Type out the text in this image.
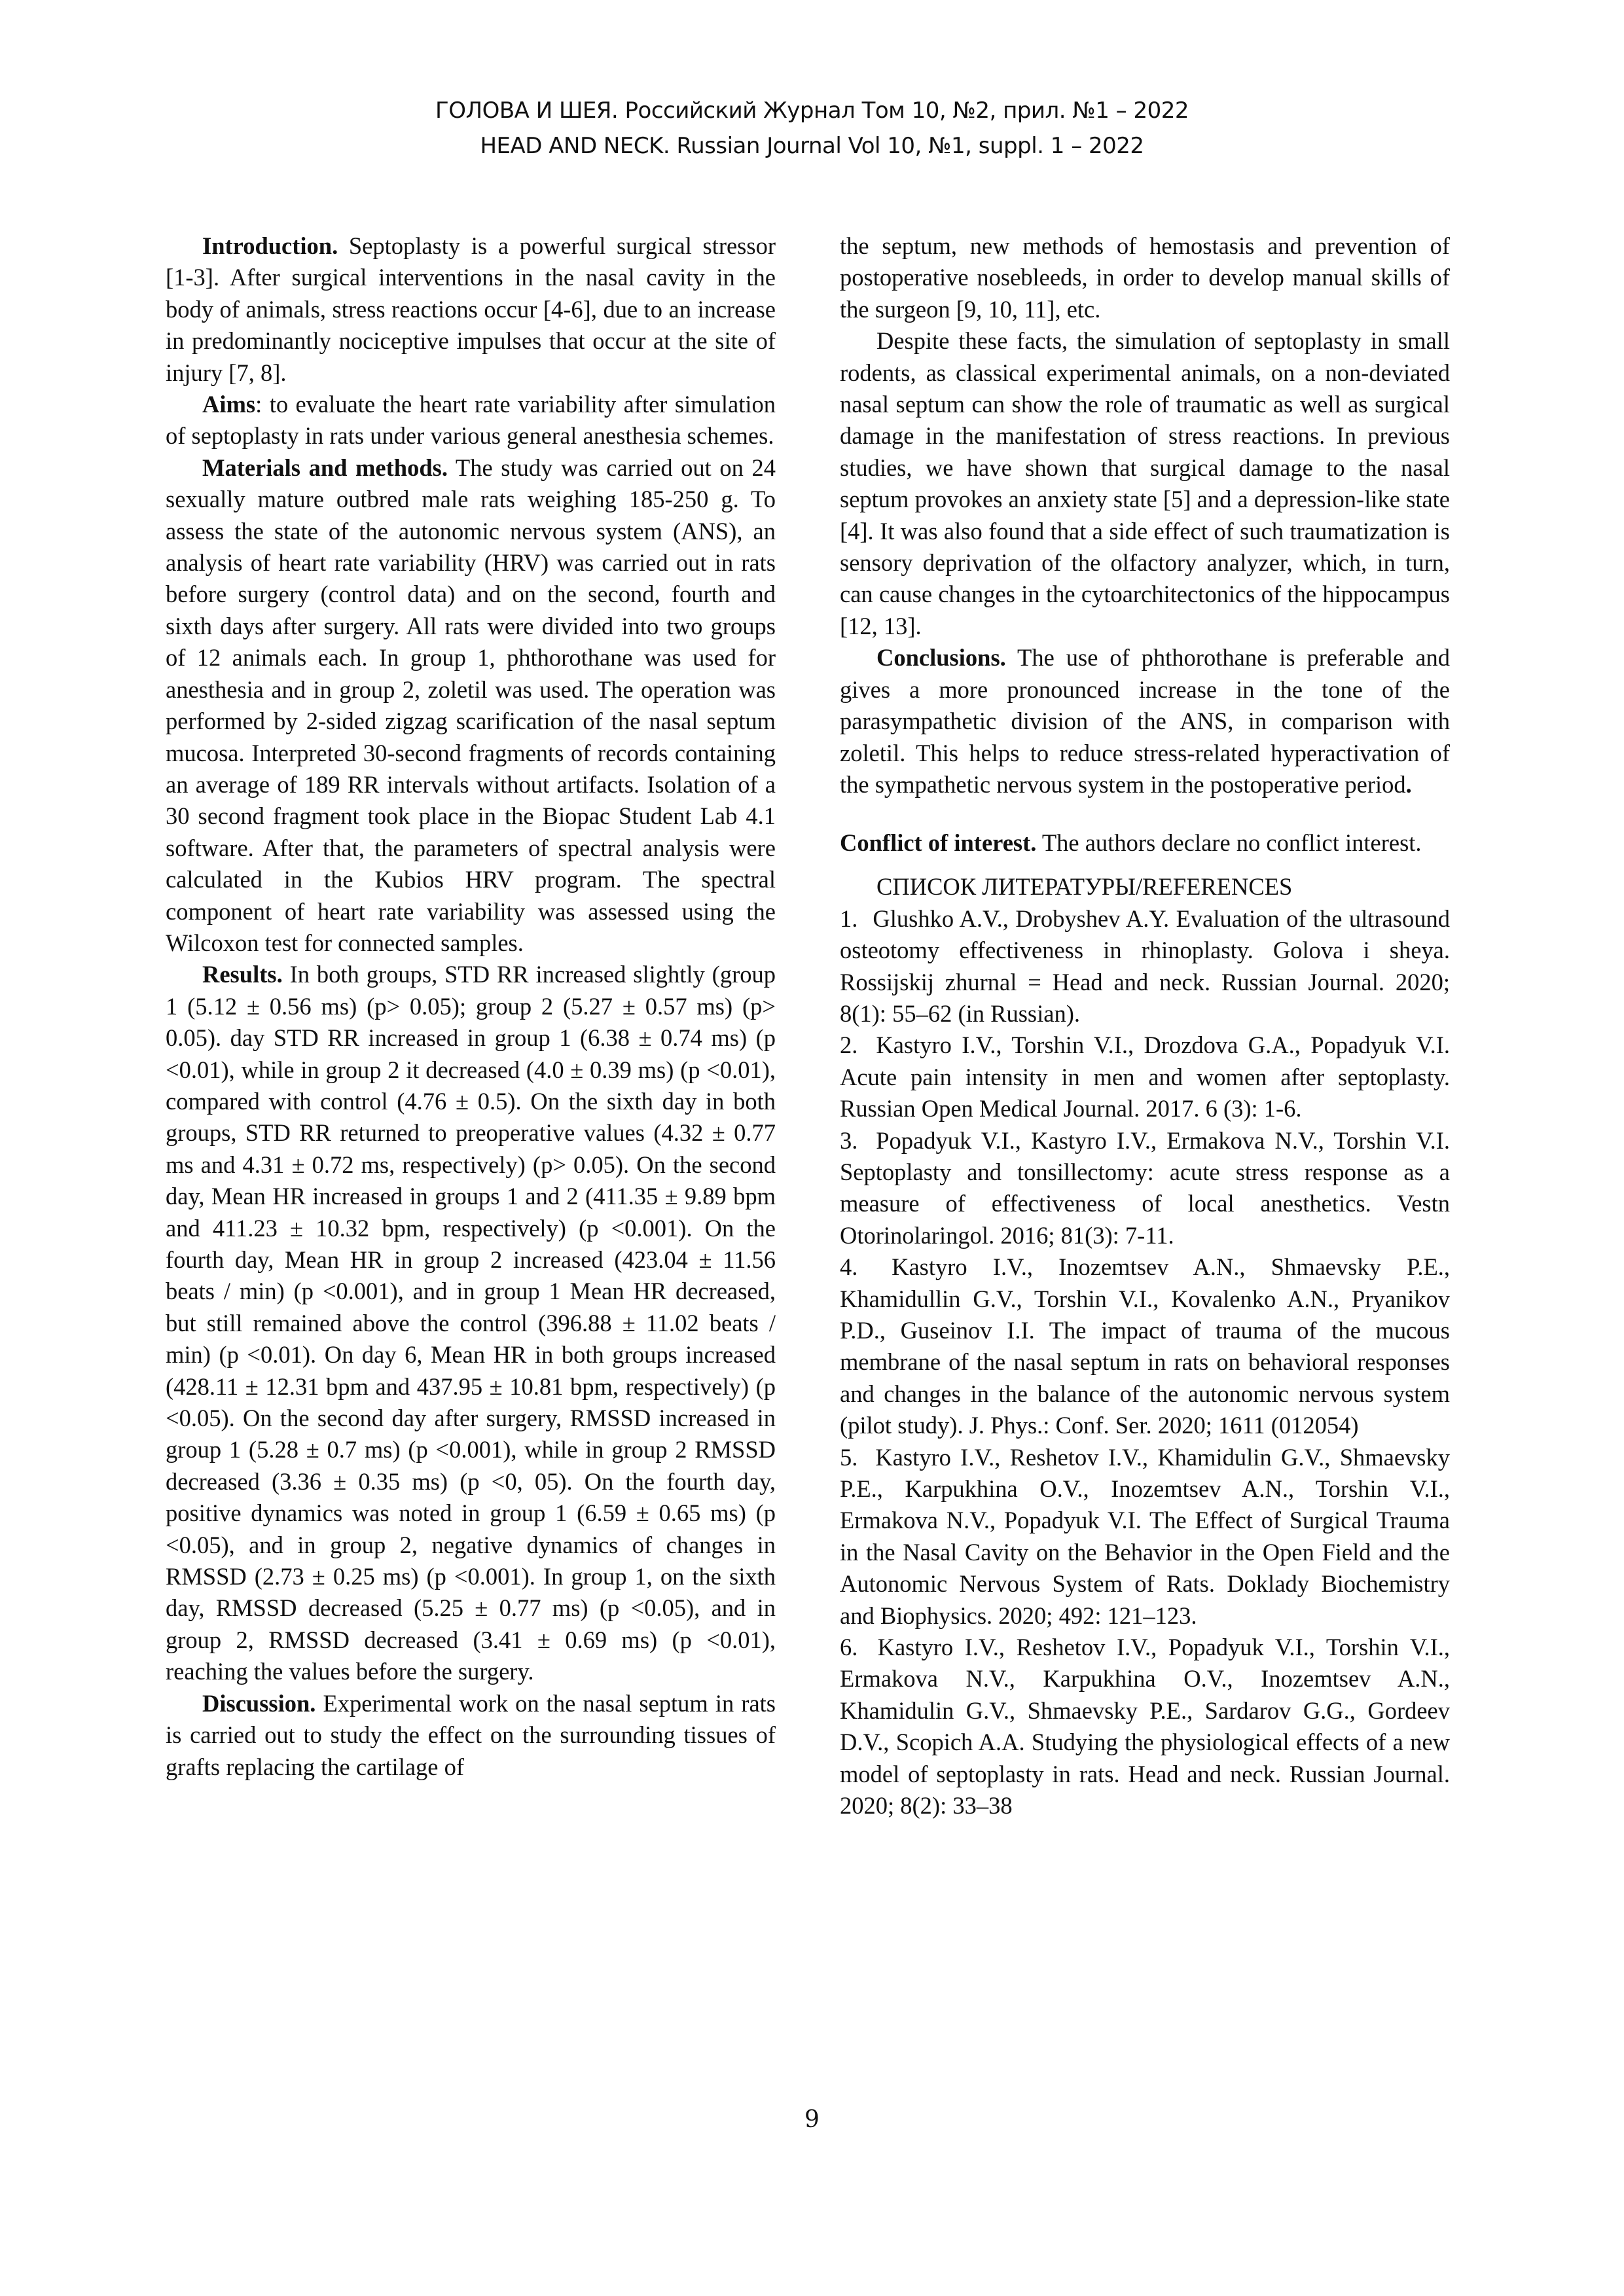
ГОЛОВА И ШЕЯ. Российский Журнал Том 10, №2, прил. №1 – 2022
HEAD AND NECK. Russian Journal Vol 10, №1, suppl. 1 – 2022

Introduction. Septoplasty is a powerful surgical stressor [1-3]. After surgical interventions in the nasal cavity in the body of animals, stress reactions occur [4-6], due to an increase in predominantly nociceptive impulses that occur at the site of injury [7, 8].

Aims: to evaluate the heart rate variability after simulation of septoplasty in rats under various general anesthesia schemes.

Materials and methods. The study was carried out on 24 sexually mature outbred male rats weighing 185-250 g. To assess the state of the autonomic nervous system (ANS), an analysis of heart rate variability (HRV) was carried out in rats before surgery (control data) and on the second, fourth and sixth days after surgery. All rats were divided into two groups of 12 animals each. In group 1, phthorothane was used for anesthesia and in group 2, zoletil was used. The operation was performed by 2-sided zigzag scarification of the nasal septum mucosa. Interpreted 30-second fragments of records containing an average of 189 RR intervals without artifacts. Isolation of a 30 second fragment took place in the Biopac Student Lab 4.1 software. After that, the parameters of spectral analysis were calculated in the Kubios HRV program. The spectral component of heart rate variability was assessed using the Wilcoxon test for connected samples.

Results. In both groups, STD RR increased slightly (group 1 (5.12 ± 0.56 ms) (p> 0.05); group 2 (5.27 ± 0.57 ms) (p> 0.05). day STD RR increased in group 1 (6.38 ± 0.74 ms) (p <0.01), while in group 2 it decreased (4.0 ± 0.39 ms) (p <0.01), compared with control (4.76 ± 0.5). On the sixth day in both groups, STD RR returned to preoperative values (4.32 ± 0.77 ms and 4.31 ± 0.72 ms, respectively) (p> 0.05). On the second day, Mean HR increased in groups 1 and 2 (411.35 ± 9.89 bpm and 411.23 ± 10.32 bpm, respectively) (p <0.001). On the fourth day, Mean HR in group 2 increased (423.04 ± 11.56 beats / min) (p <0.001), and in group 1 Mean HR decreased, but still remained above the control (396.88 ± 11.02 beats / min) (p <0.01). On day 6, Mean HR in both groups increased (428.11 ± 12.31 bpm and 437.95 ± 10.81 bpm, respectively) (p <0.05). On the second day after surgery, RMSSD increased in group 1 (5.28 ± 0.7 ms) (p <0.001), while in group 2 RMSSD decreased (3.36 ± 0.35 ms) (p <0, 05). On the fourth day, positive dynamics was noted in group 1 (6.59 ± 0.65 ms) (p <0.05), and in group 2, negative dynamics of changes in RMSSD (2.73 ± 0.25 ms) (p <0.001). In group 1, on the sixth day, RMSSD decreased (5.25 ± 0.77 ms) (p <0.05), and in group 2, RMSSD decreased (3.41 ± 0.69 ms) (p <0.01), reaching the values before the surgery.

Discussion. Experimental work on the nasal septum in rats is carried out to study the effect on the surrounding tissues of grafts replacing the cartilage of

the septum, new methods of hemostasis and prevention of postoperative nosebleeds, in order to develop manual skills of the surgeon [9, 10, 11], etc.

Despite these facts, the simulation of septoplasty in small rodents, as classical experimental animals, on a non-deviated nasal septum can show the role of traumatic as well as surgical damage in the manifestation of stress reactions. In previous studies, we have shown that surgical damage to the nasal septum provokes an anxiety state [5] and a depression-like state [4]. It was also found that a side effect of such traumatization is sensory deprivation of the olfactory analyzer, which, in turn, can cause changes in the cytoarchitectonics of the hippocampus [12, 13].

Conclusions. The use of phthorothane is preferable and gives a more pronounced increase in the tone of the parasympathetic division of the ANS, in comparison with zoletil. This helps to reduce stress-related hyperactivation of the sympathetic nervous system in the postoperative period.

Conflict of interest. The authors declare no conflict interest.

СПИСОК ЛИТЕРАТУРЫ/REFERENCES

1. Glushko A.V., Drobyshev A.Y. Evaluation of the ultrasound osteotomy effectiveness in rhinoplasty. Golova i sheya. Rossijskij zhurnal = Head and neck. Russian Journal. 2020; 8(1): 55–62 (in Russian).

2. Kastyro I.V., Torshin V.I., Drozdova G.A., Popadyuk V.I. Acute pain intensity in men and women after septoplasty. Russian Open Medical Journal. 2017. 6 (3): 1-6.

3. Popadyuk V.I., Kastyro I.V., Ermakova N.V., Torshin V.I. Septoplasty and tonsillectomy: acute stress response as a measure of effectiveness of local anesthetics. Vestn Otorinolaringol. 2016; 81(3): 7-11.

4. Kastyro I.V., Inozemtsev A.N., Shmaevsky P.E., Khamidullin G.V., Torshin V.I., Kovalenko A.N., Pryanikov P.D., Guseinov I.I. The impact of trauma of the mucous membrane of the nasal septum in rats on behavioral responses and changes in the balance of the autonomic nervous system (pilot study). J. Phys.: Conf. Ser. 2020; 1611 (012054)

5. Kastyro I.V., Reshetov I.V., Khamidulin G.V., Shmaevsky P.E., Karpukhina O.V., Inozemtsev A.N., Torshin V.I., Ermakova N.V., Popadyuk V.I. The Effect of Surgical Trauma in the Nasal Cavity on the Behavior in the Open Field and the Autonomic Nervous System of Rats. Doklady Biochemistry and Biophysics. 2020; 492: 121–123.

6. Kastyro I.V., Reshetov I.V., Popadyuk V.I., Torshin V.I., Ermakova N.V., Karpukhina O.V., Inozemtsev A.N., Khamidulin G.V., Shmaevsky P.E., Sardarov G.G., Gordeev D.V., Scopich A.A. Studying the physiological effects of a new model of septoplasty in rats. Head and neck. Russian Journal. 2020; 8(2): 33–38

9
